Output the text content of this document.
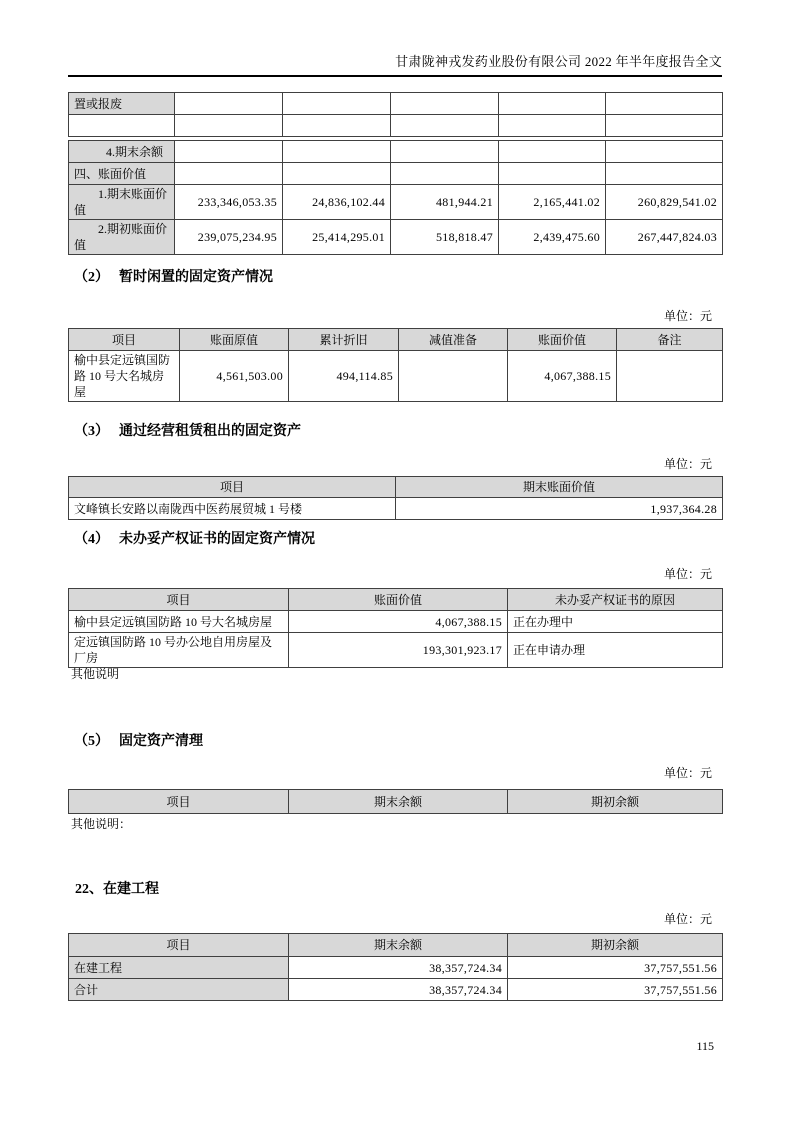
甘肃陇神戎发药业股份有限公司 2022 年半年度报告全文
置或报废					

4.期末余额					
四、账面价值					
1.期末账面价值	233,346,053.35	24,836,102.44	481,944.21	2,165,441.02	260,829,541.02
2.期初账面价值	239,075,234.95	25,414,295.01	518,818.47	2,439,475.60	267,447,824.03
（2） 暂时闲置的固定资产情况
单位：元
项目	账面原值	累计折旧	减值准备	账面价值	备注
榆中县定远镇国防路 10 号大名城房屋	4,561,503.00	494,114.85		4,067,388.15	
（3） 通过经营租赁租出的固定资产
单位：元
项目	期末账面价值
文峰镇长安路以南陇西中医药展贸城 1 号楼	1,937,364.28
（4） 未办妥产权证书的固定资产情况
单位：元
项目	账面价值	未办妥产权证书的原因
榆中县定远镇国防路 10 号大名城房屋	4,067,388.15	正在办理中
定远镇国防路 10 号办公地自用房屋及厂房	193,301,923.17	正在申请办理
其他说明
（5） 固定资产清理
单位：元
项目	期末余额	期初余额
其他说明：
22、在建工程
单位：元
项目	期末余额	期初余额
在建工程	38,357,724.34	37,757,551.56
合计	38,357,724.34	37,757,551.56
115
